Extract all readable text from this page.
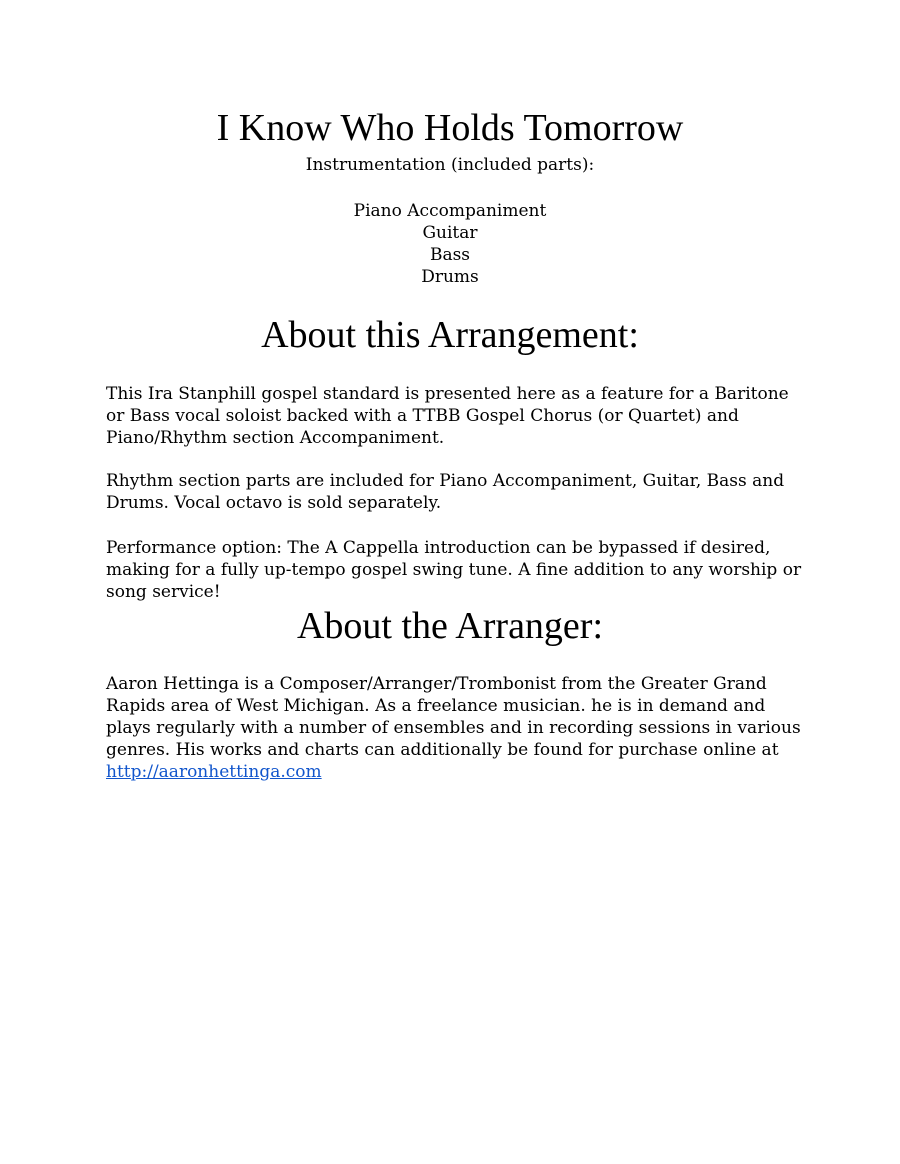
I Know Who Holds Tomorrow

Instrumentation (included parts):

Piano Accompaniment
Guitar
Bass
Drums
About this Arrangement:

This Ira Stanphill gospel standard is presented here as a feature for a Baritone or Bass vocal soloist backed with a TTBB Gospel Chorus (or Quartet) and Piano/Rhythm section Accompaniment.

Rhythm section parts are included for Piano Accompaniment, Guitar, Bass and Drums. Vocal octavo is sold separately.

Performance option: The A Cappella introduction can be bypassed if desired, making for a fully up-tempo gospel swing tune. A fine addition to any worship or song service!

About the Arranger:

Aaron Hettinga is a Composer/Arranger/Trombonist from the Greater Grand Rapids area of West Michigan. As a freelance musician. he is in demand and plays regularly with a number of ensembles and in recording sessions in various genres. His works and charts can additionally be found for purchase online at http://aaronhettinga.com
